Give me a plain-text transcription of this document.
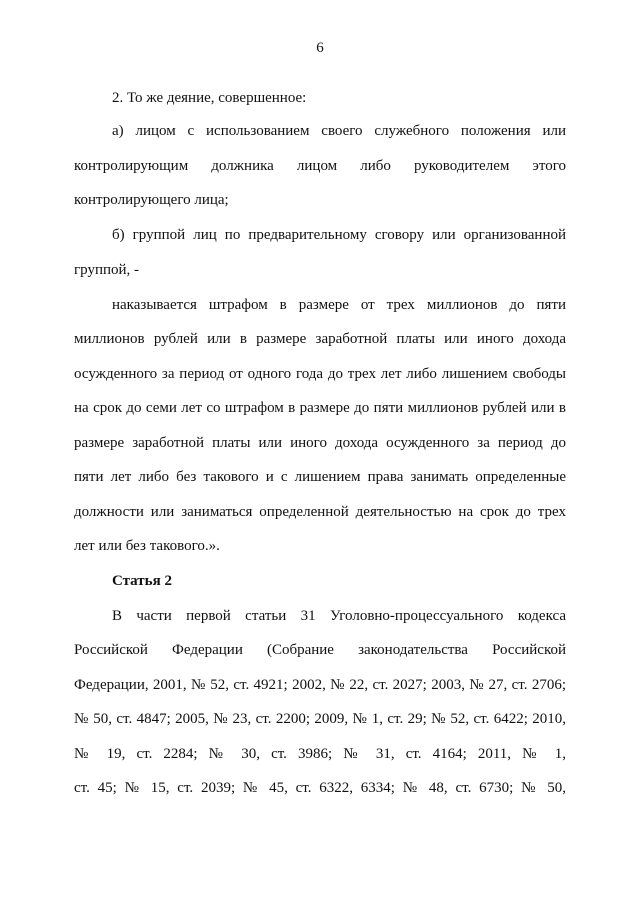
6
2. То же деяние, совершенное:
а) лицом с использованием своего служебного положения или
контролирующим должника лицом либо руководителем этого
контролирующего лица;
б) группой лиц по предварительному сговору или организованной
группой, -
наказывается штрафом в размере от трех миллионов до пяти
миллионов рублей или в размере заработной платы или иного дохода
осужденного за период от одного года до трех лет либо лишением свободы
на срок до семи лет со штрафом в размере до пяти миллионов рублей или в
размере заработной платы или иного дохода осужденного за период до
пяти лет либо без такового и с лишением права занимать определенные
должности или заниматься определенной деятельностью на срок до трех
лет или без такового.».
Статья 2
В части первой статьи 31 Уголовно-процессуального кодекса
Российской Федерации (Собрание законодательства Российской
Федерации, 2001, № 52, ст. 4921; 2002, № 22, ст. 2027; 2003, № 27, ст. 2706;
№ 50, ст. 4847; 2005, № 23, ст. 2200; 2009, № 1, ст. 29; № 52, ст. 6422; 2010,
№ 19, ст. 2284; № 30, ст. 3986; № 31, ст. 4164; 2011, № 1,
ст. 45; № 15, ст. 2039; № 45, ст. 6322, 6334; № 48, ст. 6730; № 50,
